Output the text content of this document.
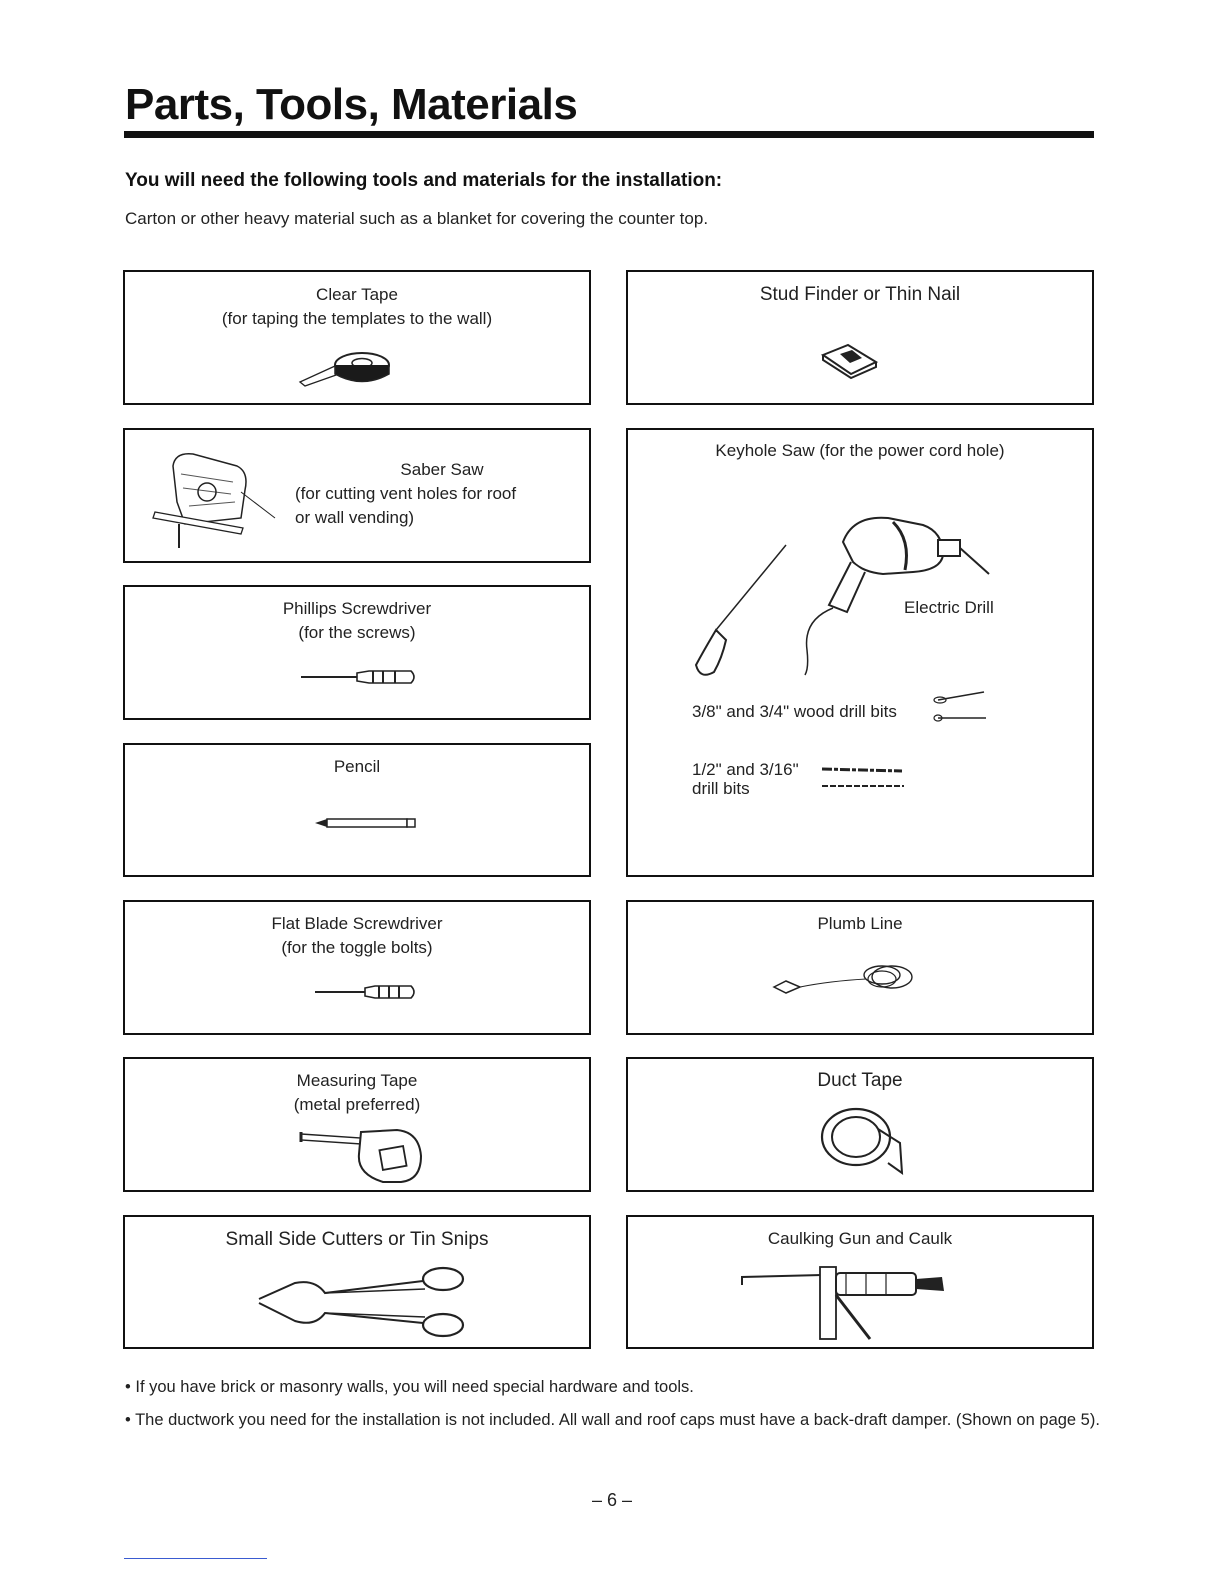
Parts, Tools, Materials
You will need the following tools and materials for the installation:

Carton or other heavy material such as a blanket for covering the counter top.

Clear Tape
(for taping the templates to the wall)
Stud Finder or Thin Nail
Saber Saw
(for cutting vent holes for roof
or wall vending)
Keyhole Saw (for the power cord hole)
Electric Drill
3/8" and 3/4" wood drill bits
1/2" and 3/16"
drill bits
Phillips Screwdriver
(for the screws)
Pencil
Flat Blade Screwdriver
(for the toggle bolts)
Plumb Line
Measuring Tape
(metal preferred)
Duct Tape
Small Side Cutters or Tin Snips	Caulking Gun and Caulk

• If you have brick or masonry walls, you will need special hardware and tools.

• The ductwork you need for the installation is not included. All wall and roof caps must have a back-draft damper. (Shown on page 5).

– 6 –
